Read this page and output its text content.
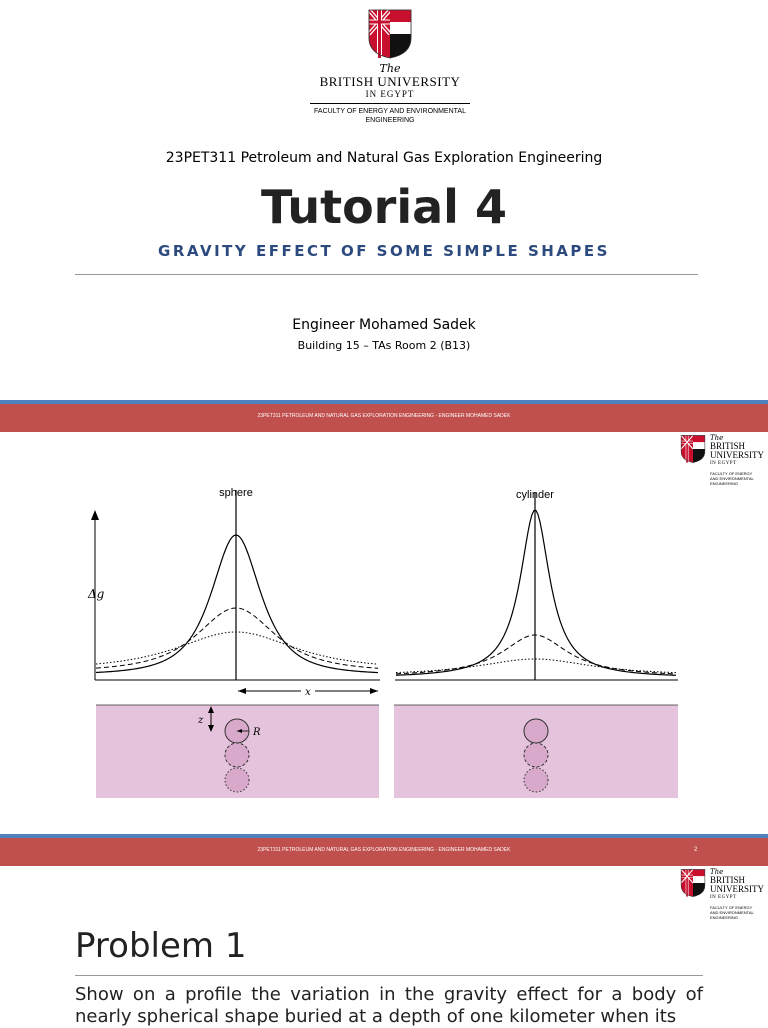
The
BRITISH UNIVERSITY
IN EGYPT
FACULTY OF ENERGY AND ENVIRONMENTAL
ENGINEERING
23PET311 Petroleum and Natural Gas Exploration Engineering
Tutorial 4
GRAVITY EFFECT OF SOME SIMPLE SHAPES
Engineer Mohamed Sadek
Building 15 – TAs Room 2 (B13)
23PET311 PETROLEUM AND NATURAL GAS EXPLORATION ENGINEERING - ENGINEER MOHAMED SADEK
The
BRITISH
UNIVERSITY
IN EGYPT
FACULTY OF ENERGY
AND ENVIRONMENTAL
ENGINEERING
sphere	cylinder
Δg
x
z
R
23PET311 PETROLEUM AND NATURAL GAS EXPLORATION ENGINEERING - ENGINEER MOHAMED SADEK	2
The
BRITISH
UNIVERSITY
IN EGYPT
FACULTY OF ENERGY
AND ENVIRONMENTAL
ENGINEERING
Problem 1
Show on a profile the variation in the gravity effect for a body of nearly spherical shape buried at a depth of one kilometer when its
